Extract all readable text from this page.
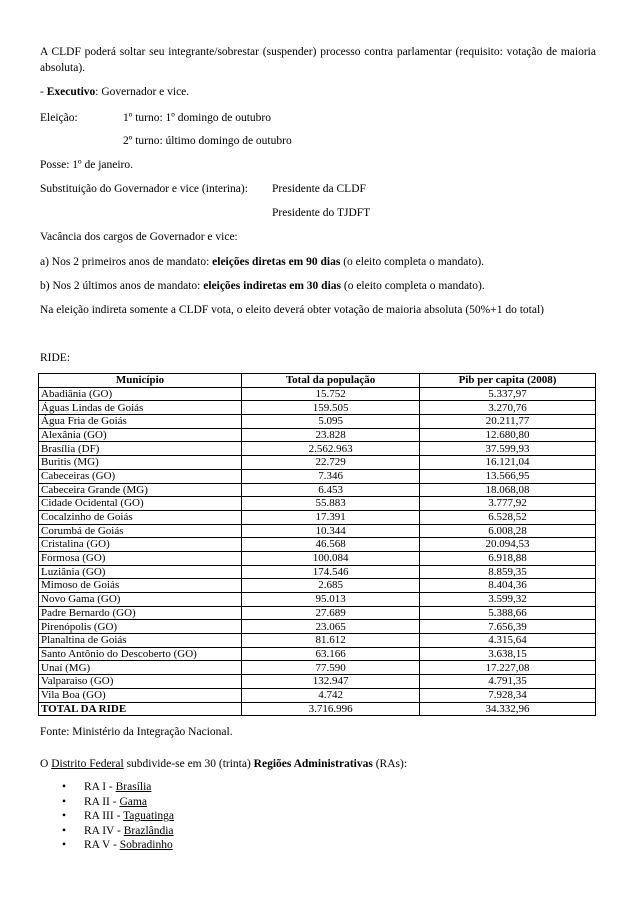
A CLDF poderá soltar seu integrante/sobrestar (suspender) processo contra parlamentar (requisito: votação de maioria absoluta).
- Executivo: Governador e vice.
Eleição:	1º turno: 1º domingo de outubro
2º turno: último domingo de outubro
Posse: 1º de janeiro.
Substituição do Governador e vice (interina): Presidente da CLDF
Presidente do TJDFT
Vacância dos cargos de Governador e vice:
a) Nos 2 primeiros anos de mandato: eleições diretas em 90 dias (o eleito completa o mandato).
b) Nos 2 últimos anos de mandato: eleições indiretas em 30 dias (o eleito completa o mandato).
Na eleição indireta somente a CLDF vota, o eleito deverá obter votação de maioria absoluta (50%+1 do total)
RIDE:
Município	Total da população	Pib per capita (2008)
Abadiânia (GO)	15.752	5.337,97
Águas Lindas de Goiás	159.505	3.270,76
Água Fria de Goiás	5.095	20.211,77
Alexânia (GO)	23.828	12.680,80
Brasília (DF)	2.562.963	37.599,93
Buritis (MG)	22.729	16.121,04
Cabeceiras (GO)	7.346	13.566,95
Cabeceira Grande (MG)	6.453	18.068,08
Cidade Ocidental (GO)	55.883	3.777,92
Cocalzinho de Goiás	17.391	6.528,52
Corumbá de Goiás	10.344	6.008,28
Cristalina (GO)	46.568	20.094,53
Formosa (GO)	100.084	6.918,88
Luziânia (GO)	174.546	8.859,35
Mimoso de Goiás	2.685	8.404,36
Novo Gama (GO)	95.013	3.599,32
Padre Bernardo (GO)	27.689	5.388,66
Pirenópolis (GO)	23.065	7.656,39
Planaltina de Goiás	81.612	4.315,64
Santo Antônio do Descoberto (GO)	63.166	3.638,15
Unaí (MG)	77.590	17.227,08
Valparaiso (GO)	132.947	4.791,35
Vila Boa (GO)	4.742	7.928,34
TOTAL DA RIDE	3.716.996	34.332,96
Fonte: Ministério da Integração Nacional.
O Distrito Federal subdivide-se em 30 (trinta) Regiões Administrativas (RAs):
• RA I - Brasília
• RA II - Gama
• RA III - Taguatinga
• RA IV - Brazlândia
• RA V - Sobradinho
